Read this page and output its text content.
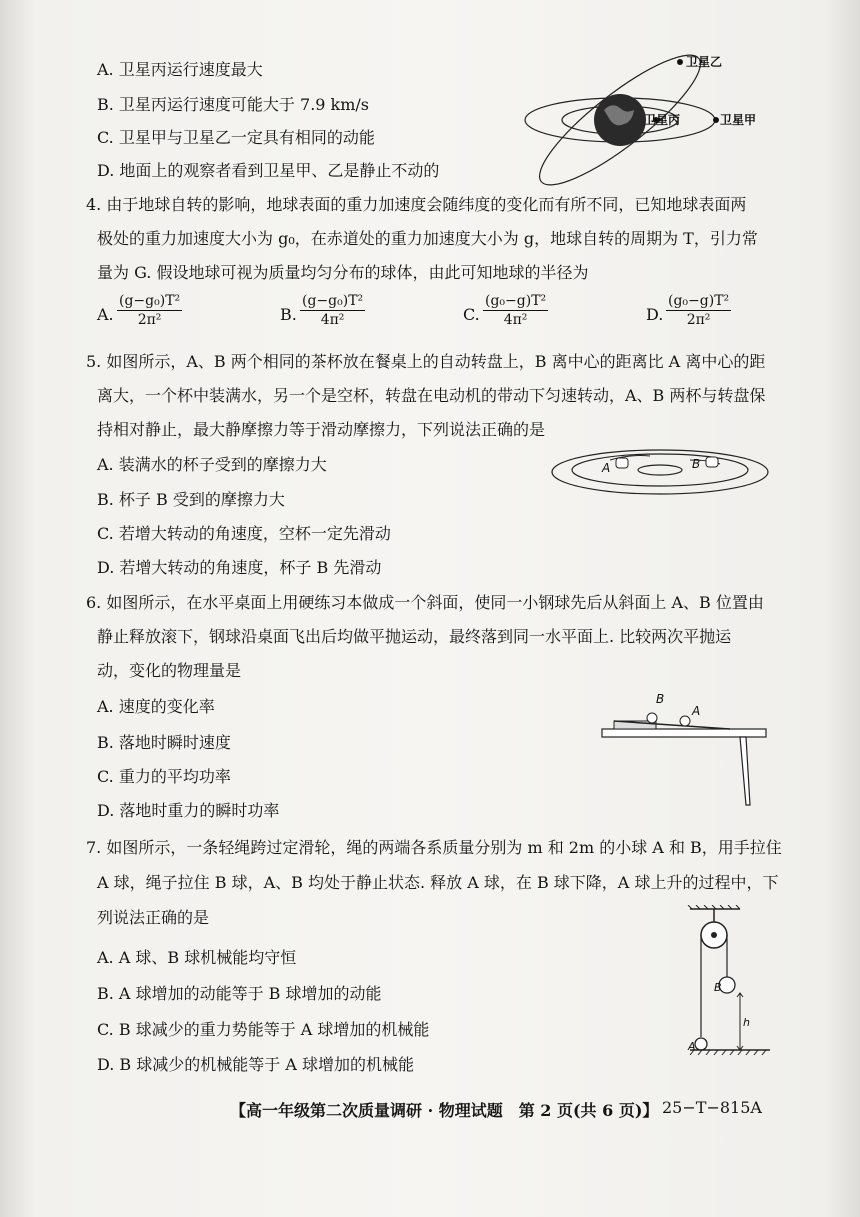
A. 卫星丙运行速度最大
B. 卫星丙运行速度可能大于 7.9 km/s
C. 卫星甲与卫星乙一定具有相同的动能
D. 地面上的观察者看到卫星甲、乙是静止不动的
卫星乙
卫星丙	卫星甲
4. 由于地球自转的影响，地球表面的重力加速度会随纬度的变化而有所不同，已知地球表面两
极处的重力加速度大小为 g₀，在赤道处的重力加速度大小为 g，地球自转的周期为 T，引力常
量为 G. 假设地球可视为质量均匀分布的球体，由此可知地球的半径为
A. $\frac{\text{(g−g₀)T²}}{\text{2π²}}$	B. $\frac{\text{(g−g₀)T²}}{\text{4π²}}$	C. $\frac{\text{(g₀−g)T²}}{\text{4π²}}$	D. $\frac{\text{(g₀−g)T²}}{\text{2π²}}$
5. 如图所示，A、B 两个相同的茶杯放在餐桌上的自动转盘上，B 离中心的距离比 A 离中心的距
离大，一个杯中装满水，另一个是空杯，转盘在电动机的带动下匀速转动，A、B 两杯与转盘保
持相对静止，最大静摩擦力等于滑动摩擦力，下列说法正确的是
A. 装满水的杯子受到的摩擦力大
B. 杯子 B 受到的摩擦力大
C. 若增大转动的角速度，空杯一定先滑动
D. 若增大转动的角速度，杯子 B 先滑动
A	B
6. 如图所示，在水平桌面上用硬练习本做成一个斜面，使同一小钢球先后从斜面上 A、B 位置由
静止释放滚下，钢球沿桌面飞出后均做平抛运动，最终落到同一水平面上. 比较两次平抛运
动，变化的物理量是
A. 速度的变化率
B. 落地时瞬时速度
C. 重力的平均功率
D. 落地时重力的瞬时功率
B
A
7. 如图所示，一条轻绳跨过定滑轮，绳的两端各系质量分别为 m 和 2m 的小球 A 和 B，用手拉住
A 球，绳子拉住 B 球，A、B 均处于静止状态. 释放 A 球，在 B 球下降，A 球上升的过程中，下
列说法正确的是
A. A 球、B 球机械能均守恒
B. A 球增加的动能等于 B 球增加的动能
C. B 球减少的重力势能等于 A 球增加的机械能
D. B 球减少的机械能等于 A 球增加的机械能
B
A
h
【高一年级第二次质量调研 · 物理试题　第 2 页(共 6 页)】 25−T−815A
